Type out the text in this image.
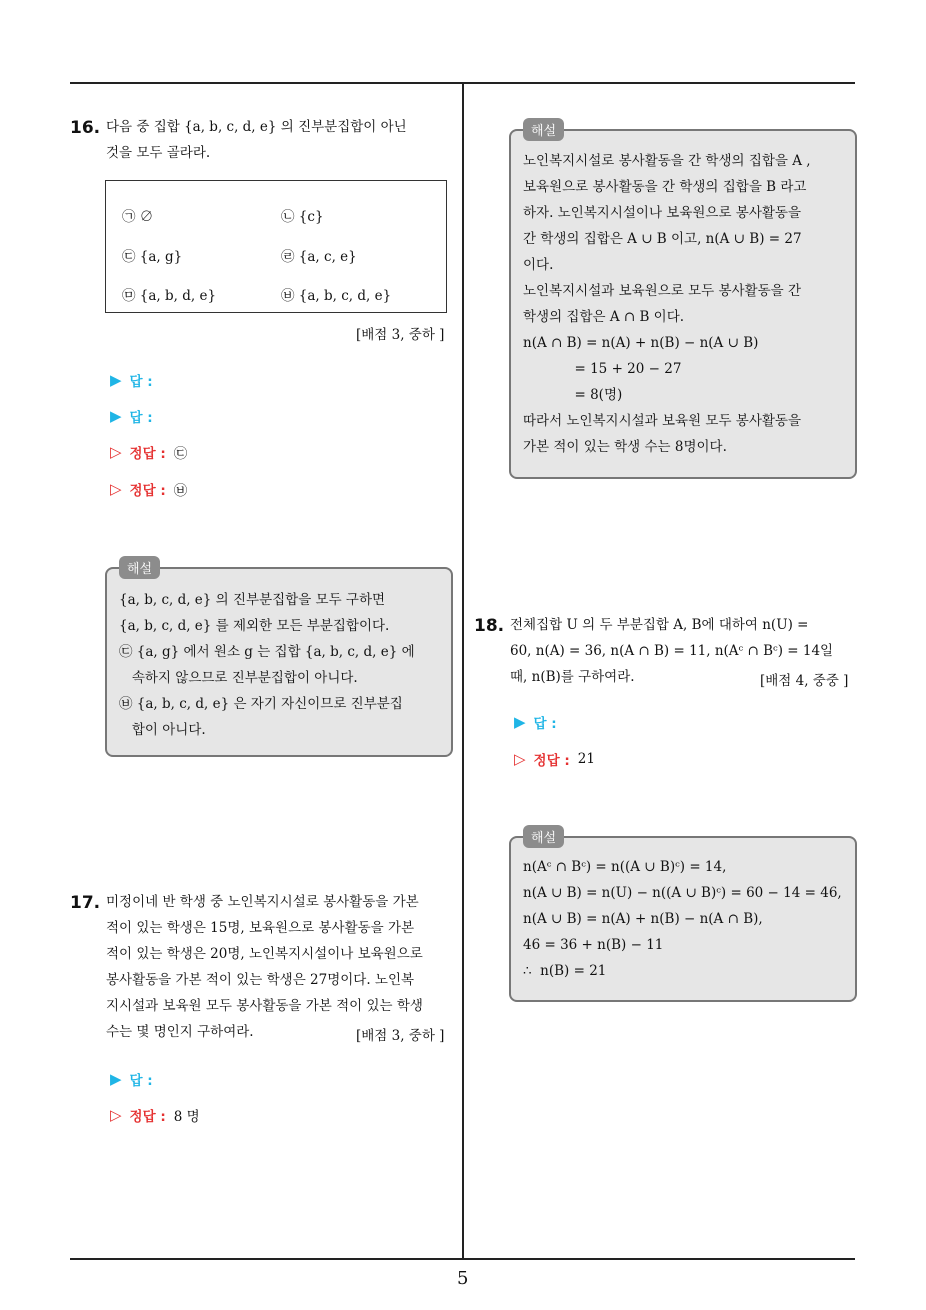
16. 다음 중 집합 {a, b, c, d, e} 의 진부분집합이 아닌
것을 모두 골라라.
㉠ ∅	㉡ {c}
㉢ {a, g}	㉣ {a, c, e}
㉤ {a, b, d, e}	㉥ {a, b, c, d, e}
[배점 3, 중하 ]
▶ 답 :
▶ 답 :
▷ 정답 : ㉢
▷ 정답 : ㉥
해설
{a, b, c, d, e} 의 진부분집합을 모두 구하면
{a, b, c, d, e} 를 제외한 모든 부분집합이다.
㉢ {a, g} 에서 원소 g 는 집합 {a, b, c, d, e} 에
속하지 않으므로 진부분집합이 아니다.
㉥ {a, b, c, d, e} 은 자기 자신이므로 진부분집
합이 아니다.
17. 미정이네 반 학생 중 노인복지시설로 봉사활동을 가본
적이 있는 학생은 15명, 보육원으로 봉사활동을 가본
적이 있는 학생은 20명, 노인복지시설이나 보육원으로
봉사활동을 가본 적이 있는 학생은 27명이다. 노인복
지시설과 보육원 모두 봉사활동을 가본 적이 있는 학생
수는 몇 명인지 구하여라.	[배점 3, 중하 ]
▶ 답 :
▷ 정답 : 8 명
해설
노인복지시설로 봉사활동을 간 학생의 집합을 A ,
보육원으로 봉사활동을 간 학생의 집합을 B 라고
하자. 노인복지시설이나 보육원으로 봉사활동을
간 학생의 집합은 A ∪ B 이고, n(A ∪ B) = 27
이다.
노인복지시설과 보육원으로 모두 봉사활동을 간
학생의 집합은 A ∩ B 이다.
n(A ∩ B) = n(A) + n(B) − n(A ∪ B)
= 15 + 20 − 27
= 8(명)
따라서 노인복지시설과 보육원 모두 봉사활동을
가본 적이 있는 학생 수는 8명이다.
18. 전체집합 U 의 두 부분집합 A, B에 대하여 n(U) =
60, n(A) = 36, n(A ∩ B) = 11, n(Aᶜ ∩ Bᶜ) = 14일
때, n(B)를 구하여라.	[배점 4, 중중 ]
▶ 답 :
▷ 정답 : 21
해설
n(Aᶜ ∩ Bᶜ) = n((A ∪ B)ᶜ) = 14,
n(A ∪ B) = n(U) − n((A ∪ B)ᶜ) = 60 − 14 = 46,
n(A ∪ B) = n(A) + n(B) − n(A ∩ B),
46 = 36 + n(B) − 11
∴  n(B) = 21
5
